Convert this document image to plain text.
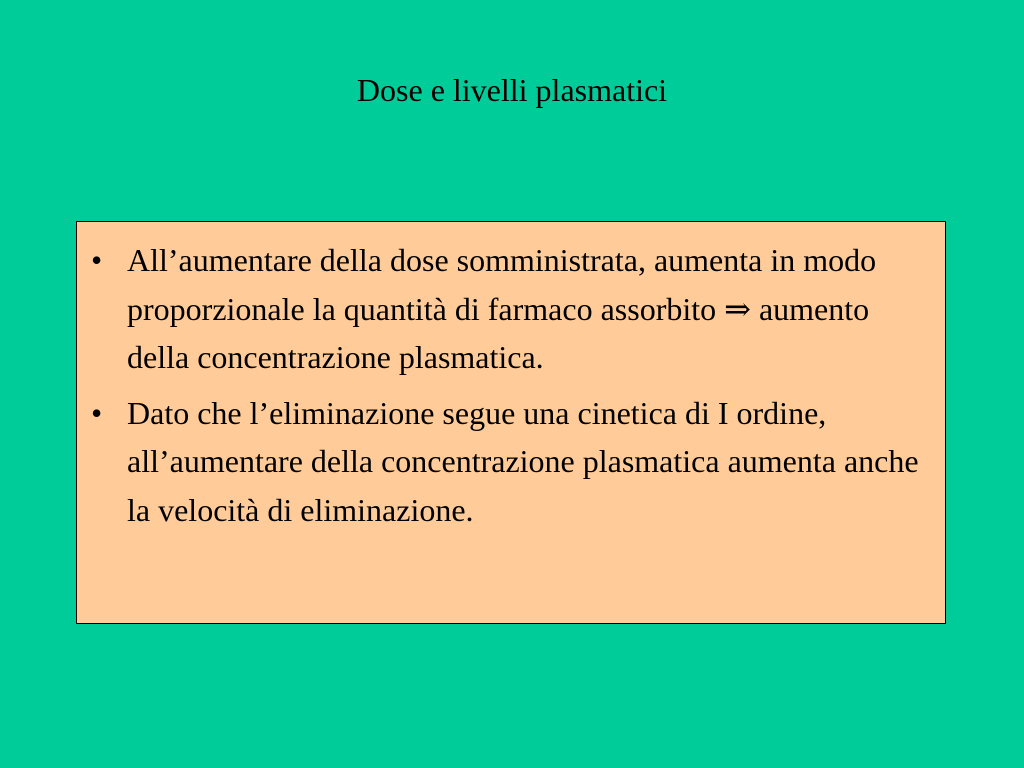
Dose e livelli plasmatici
• All’aumentare della dose somministrata, aumenta in modo proporzionale la quantità di farmaco assorbito ⇒ aumento della concentrazione plasmatica.
• Dato che l’eliminazione segue una cinetica di I ordine, all’aumentare della concentrazione plasmatica aumenta anche la velocità di eliminazione.
